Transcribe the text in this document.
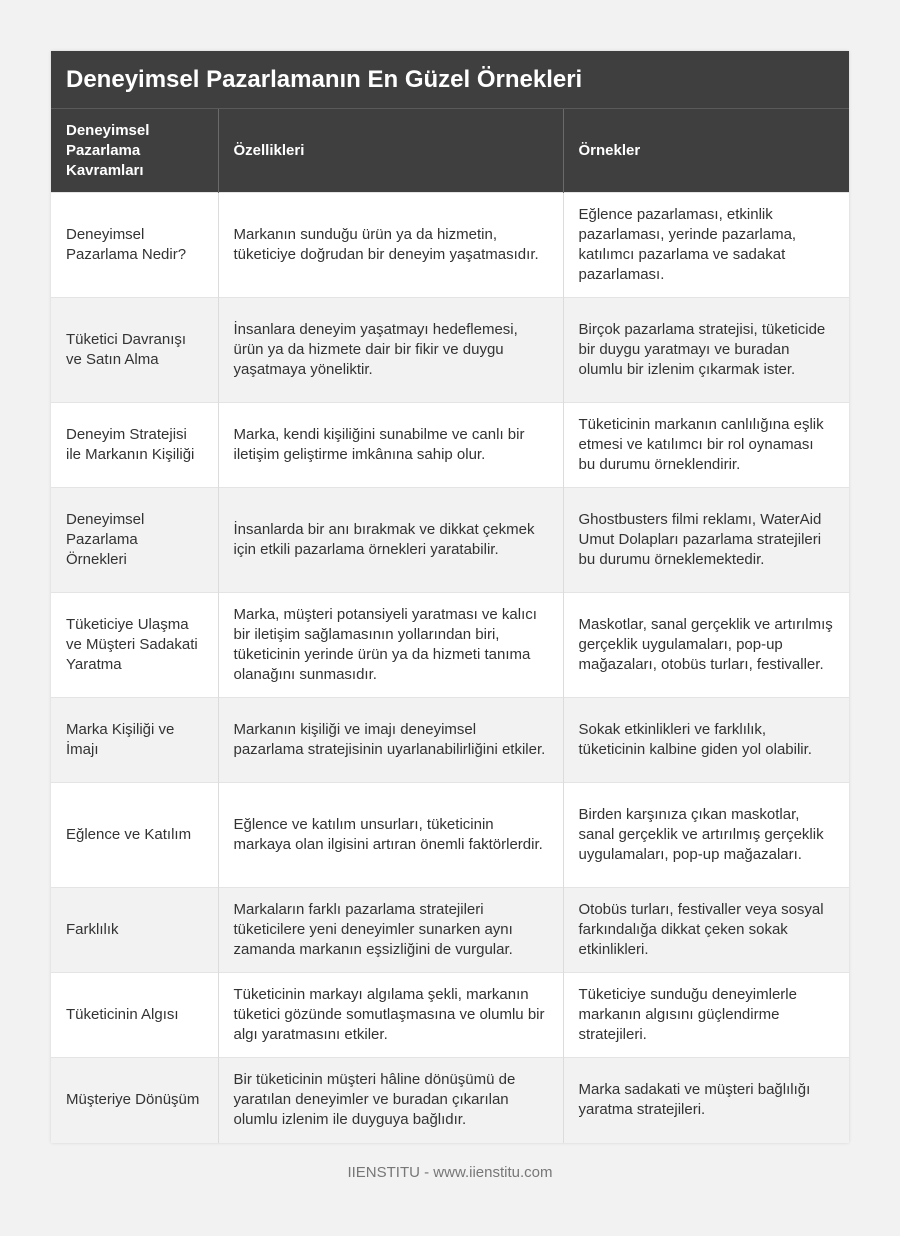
Deneyimsel Pazarlamanın En Güzel Örnekleri
Deneyimsel Pazarlama Kavramları	Özellikleri	Örnekler
Deneyimsel Pazarlama Nedir?	Markanın sunduğu ürün ya da hizmetin, tüketiciye doğrudan bir deneyim yaşatmasıdır.	Eğlence pazarlaması, etkinlik pazarlaması, yerinde pazarlama, katılımcı pazarlama ve sadakat pazarlaması.
Tüketici Davranışı ve Satın Alma	İnsanlara deneyim yaşatmayı hedeflemesi, ürün ya da hizmete dair bir fikir ve duygu yaşatmaya yöneliktir.	Birçok pazarlama stratejisi, tüketicide bir duygu yaratmayı ve buradan olumlu bir izlenim çıkarmak ister.
Deneyim Stratejisi ile Markanın Kişiliği	Marka, kendi kişiliğini sunabilme ve canlı bir iletişim geliştirme imkânına sahip olur.	Tüketicinin markanın canlılığına eşlik etmesi ve katılımcı bir rol oynaması bu durumu örneklendirir.
Deneyimsel Pazarlama Örnekleri	İnsanlarda bir anı bırakmak ve dikkat çekmek için etkili pazarlama örnekleri yaratabilir.	Ghostbusters filmi reklamı, WaterAid Umut Dolapları pazarlama stratejileri bu durumu örneklemektedir.
Tüketiciye Ulaşma ve Müşteri Sadakati Yaratma	Marka, müşteri potansiyeli yaratması ve kalıcı bir iletişim sağlamasının yollarından biri, tüketicinin yerinde ürün ya da hizmeti tanıma olanağını sunmasıdır.	Maskotlar, sanal gerçeklik ve artırılmış gerçeklik uygulamaları, pop-up mağazaları, otobüs turları, festivaller.
Marka Kişiliği ve İmajı	Markanın kişiliği ve imajı deneyimsel pazarlama stratejisinin uyarlanabilirliğini etkiler.	Sokak etkinlikleri ve farklılık, tüketicinin kalbine giden yol olabilir.
Eğlence ve Katılım	Eğlence ve katılım unsurları, tüketicinin markaya olan ilgisini artıran önemli faktörlerdir.	Birden karşınıza çıkan maskotlar, sanal gerçeklik ve artırılmış gerçeklik uygulamaları, pop-up mağazaları.
Farklılık	Markaların farklı pazarlama stratejileri tüketicilere yeni deneyimler sunarken aynı zamanda markanın eşsizliğini de vurgular.	Otobüs turları, festivaller veya sosyal farkındalığa dikkat çeken sokak etkinlikleri.
Tüketicinin Algısı	Tüketicinin markayı algılama şekli, markanın tüketici gözünde somutlaşmasına ve olumlu bir algı yaratmasını etkiler.	Tüketiciye sunduğu deneyimlerle markanın algısını güçlendirme stratejileri.
Müşteriye Dönüşüm	Bir tüketicinin müşteri hâline dönüşümü de yaratılan deneyimler ve buradan çıkarılan olumlu izlenim ile duyguya bağlıdır.	Marka sadakati ve müşteri bağlılığı yaratma stratejileri.
IIENSTITU - www.iienstitu.com
